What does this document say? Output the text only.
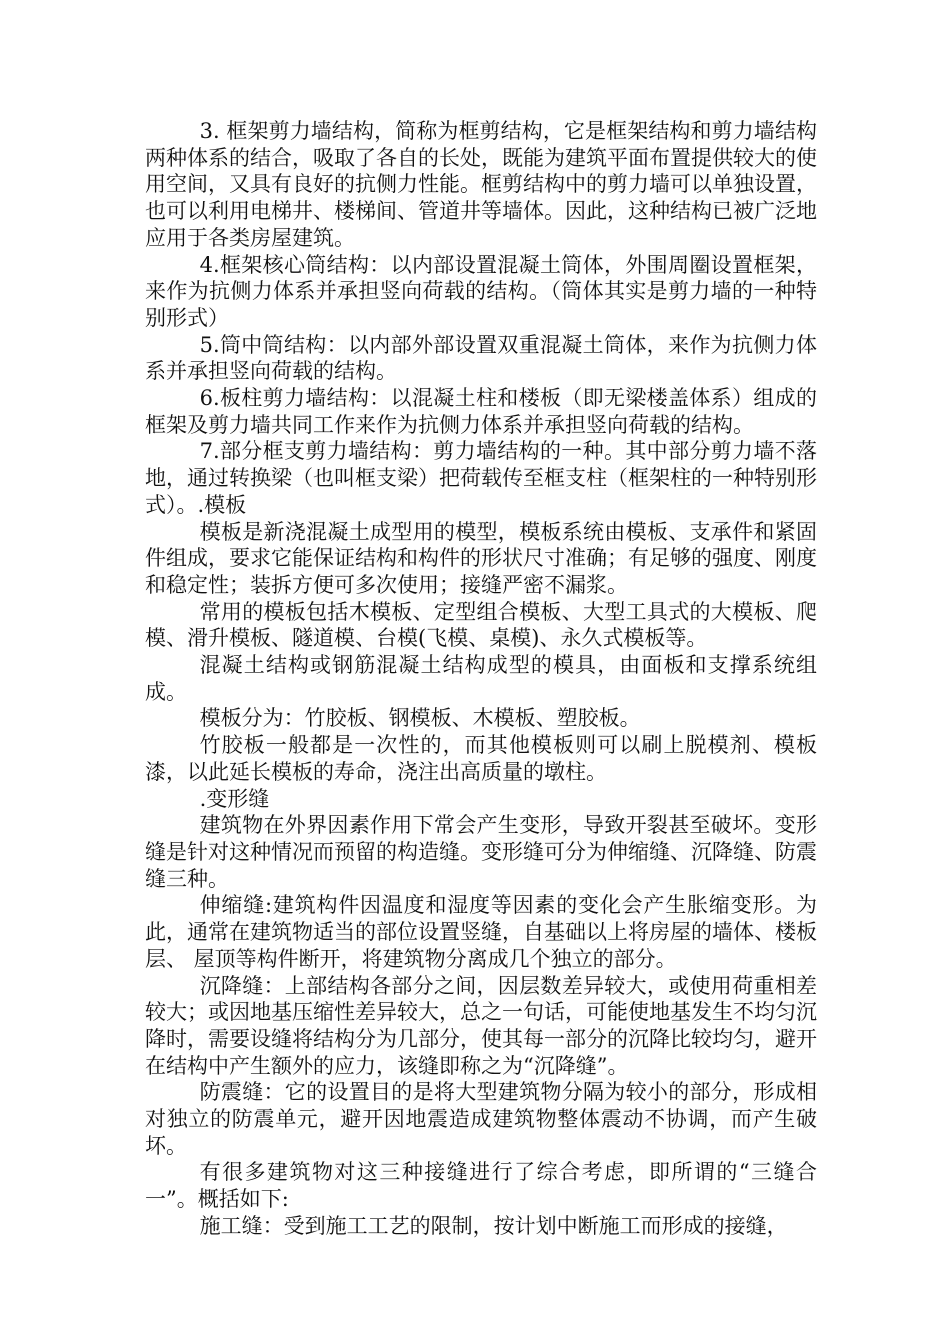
3. 框架剪力墙结构，简称为框剪结构，它是框架结构和剪力墙结构两种体系的结合，吸取了各自的长处，既能为建筑平面布置提供较大的使用空间，又具有良好的抗侧力性能。框剪结构中的剪力墙可以单独设置，也可以利用电梯井、楼梯间、管道井等墙体。因此，这种结构已被广泛地应用于各类房屋建筑。

4.框架核心筒结构：以内部设置混凝土筒体，外围周圈设置框架，来作为抗侧力体系并承担竖向荷载的结构。（筒体其实是剪力墙的一种特别形式）

5.筒中筒结构：以内部外部设置双重混凝土筒体，来作为抗侧力体系并承担竖向荷载的结构。

6.板柱剪力墙结构：以混凝土柱和楼板（即无梁楼盖体系）组成的框架及剪力墙共同工作来作为抗侧力体系并承担竖向荷载的结构。

7.部分框支剪力墙结构：剪力墙结构的一种。其中部分剪力墙不落地，通过转换梁（也叫框支梁）把荷载传至框支柱（框架柱的一种特别形式）。.模板

模板是新浇混凝土成型用的模型，模板系统由模板、支承件和紧固件组成，要求它能保证结构和构件的形状尺寸准确；有足够的强度、刚度和稳定性；装拆方便可多次使用；接缝严密不漏浆。

常用的模板包括木模板、定型组合模板、大型工具式的大模板、爬模、滑升模板、隧道模、台模(飞模、桌模)、永久式模板等。

混凝土结构或钢筋混凝土结构成型的模具，由面板和支撑系统组成。

模板分为：竹胶板、钢模板、木模板、塑胶板。

竹胶板一般都是一次性的，而其他模板则可以刷上脱模剂、模板漆，以此延长模板的寿命，浇注出高质量的墩柱。

.变形缝

建筑物在外界因素作用下常会产生变形，导致开裂甚至破坏。变形缝是针对这种情况而预留的构造缝。变形缝可分为伸缩缝、沉降缝、防震缝三种。

伸缩缝:建筑构件因温度和湿度等因素的变化会产生胀缩变形。为此，通常在建筑物适当的部位设置竖缝，自基础以上将房屋的墙体、楼板层、 屋顶等构件断开，将建筑物分离成几个独立的部分。

沉降缝：上部结构各部分之间，因层数差异较大，或使用荷重相差较大；或因地基压缩性差异较大，总之一句话，可能使地基发生不均匀沉降时，需要设缝将结构分为几部分，使其每一部分的沉降比较均匀，避开在结构中产生额外的应力，该缝即称之为“沉降缝”。

防震缝：它的设置目的是将大型建筑物分隔为较小的部分，形成相对独立的防震单元，避开因地震造成建筑物整体震动不协调，而产生破坏。

有很多建筑物对这三种接缝进行了综合考虑，即所谓的“三缝合一”。概括如下:

施工缝：受到施工工艺的限制，按计划中断施工而形成的接缝，
